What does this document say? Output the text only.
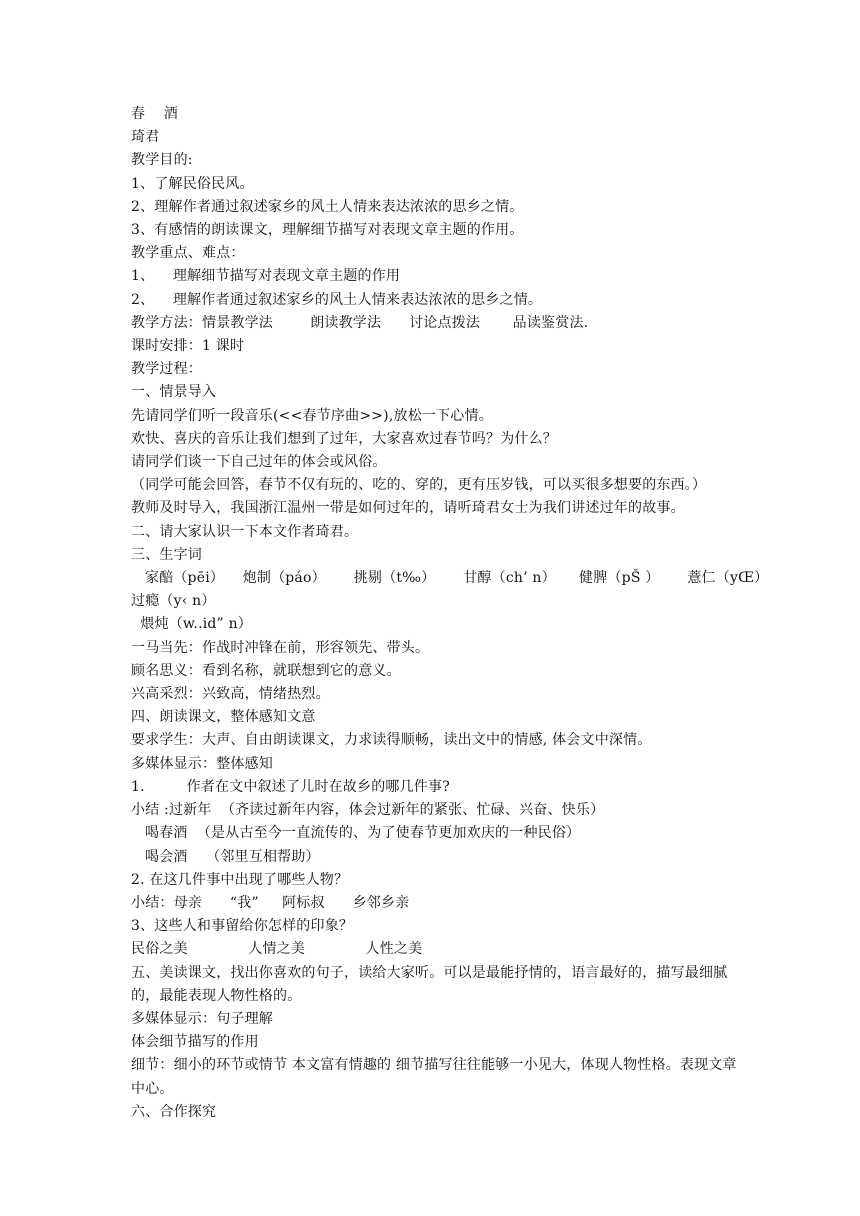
春    酒
琦君
教学目的:
1、了解民俗民风。
2、理解作者通过叙述家乡的风土人情来表达浓浓的思乡之情。
3、有感情的朗读课文，理解细节描写对表现文章主题的作用。
教学重点、难点：
1、    理解细节描写对表现文章主题的作用
2、    理解作者通过叙述家乡的风土人情来表达浓浓的思乡之情。
教学方法：情景教学法        朗读教学法      讨论点拨法       品读鉴赏法.
课时安排：1 课时
教学过程：
一、情景导入
先请同学们听一段音乐(<<春节序曲>>),放松一下心情。
欢快、喜庆的音乐让我们想到了过年，大家喜欢过春节吗？为什么？
请同学们谈一下自己过年的体会或风俗。
（同学可能会回答，春节不仅有玩的、吃的、穿的，更有压岁钱，可以买很多想要的东西。）
教师及时导入，我国浙江温州一带是如何过年的，请听琦君女士为我们讲述过年的故事。
二、请大家认识一下本文作者琦君。
三、生字词
家醅（pēi）    炮制（páo）      挑剔（t‰）      甘醇（ch’ n）     健脾（pŠ ）      薏仁（yŒ）
过瘾（y‹ n）
煨炖（w..id” n）
一马当先：作战时冲锋在前，形容领先、带头。
顾名思义：看到名称，就联想到它的意义。
兴高采烈：兴致高，情绪热烈。
四、朗读课文，整体感知文意
要求学生：大声、自由朗读课文，力求读得顺畅，读出文中的情感, 体会文中深情。
多媒体显示：整体感知
1.         作者在文中叙述了儿时在故乡的哪几件事?
小结 :过新年  （齐读过新年内容，体会过新年的紧张、忙碌、兴奋、快乐）
喝春酒  （是从古至今一直流传的、为了使春节更加欢庆的一种民俗）
喝会酒    （邻里互相帮助）
2. 在这几件事中出现了哪些人物？
小结：母亲      “我”     阿标叔      乡邻乡亲
3、这些人和事留给你怎样的印象？
民俗之美             人情之美             人性之美
五、美读课文，找出你喜欢的句子，读给大家听。可以是最能抒情的，语言最好的，描写最细腻的，最能表现人物性格的。
多媒体显示：句子理解
体会细节描写的作用
细节：细小的环节或情节 本文富有情趣的 细节描写往往能够一小见大，体现人物性格。表现文章中心。
六、合作探究
